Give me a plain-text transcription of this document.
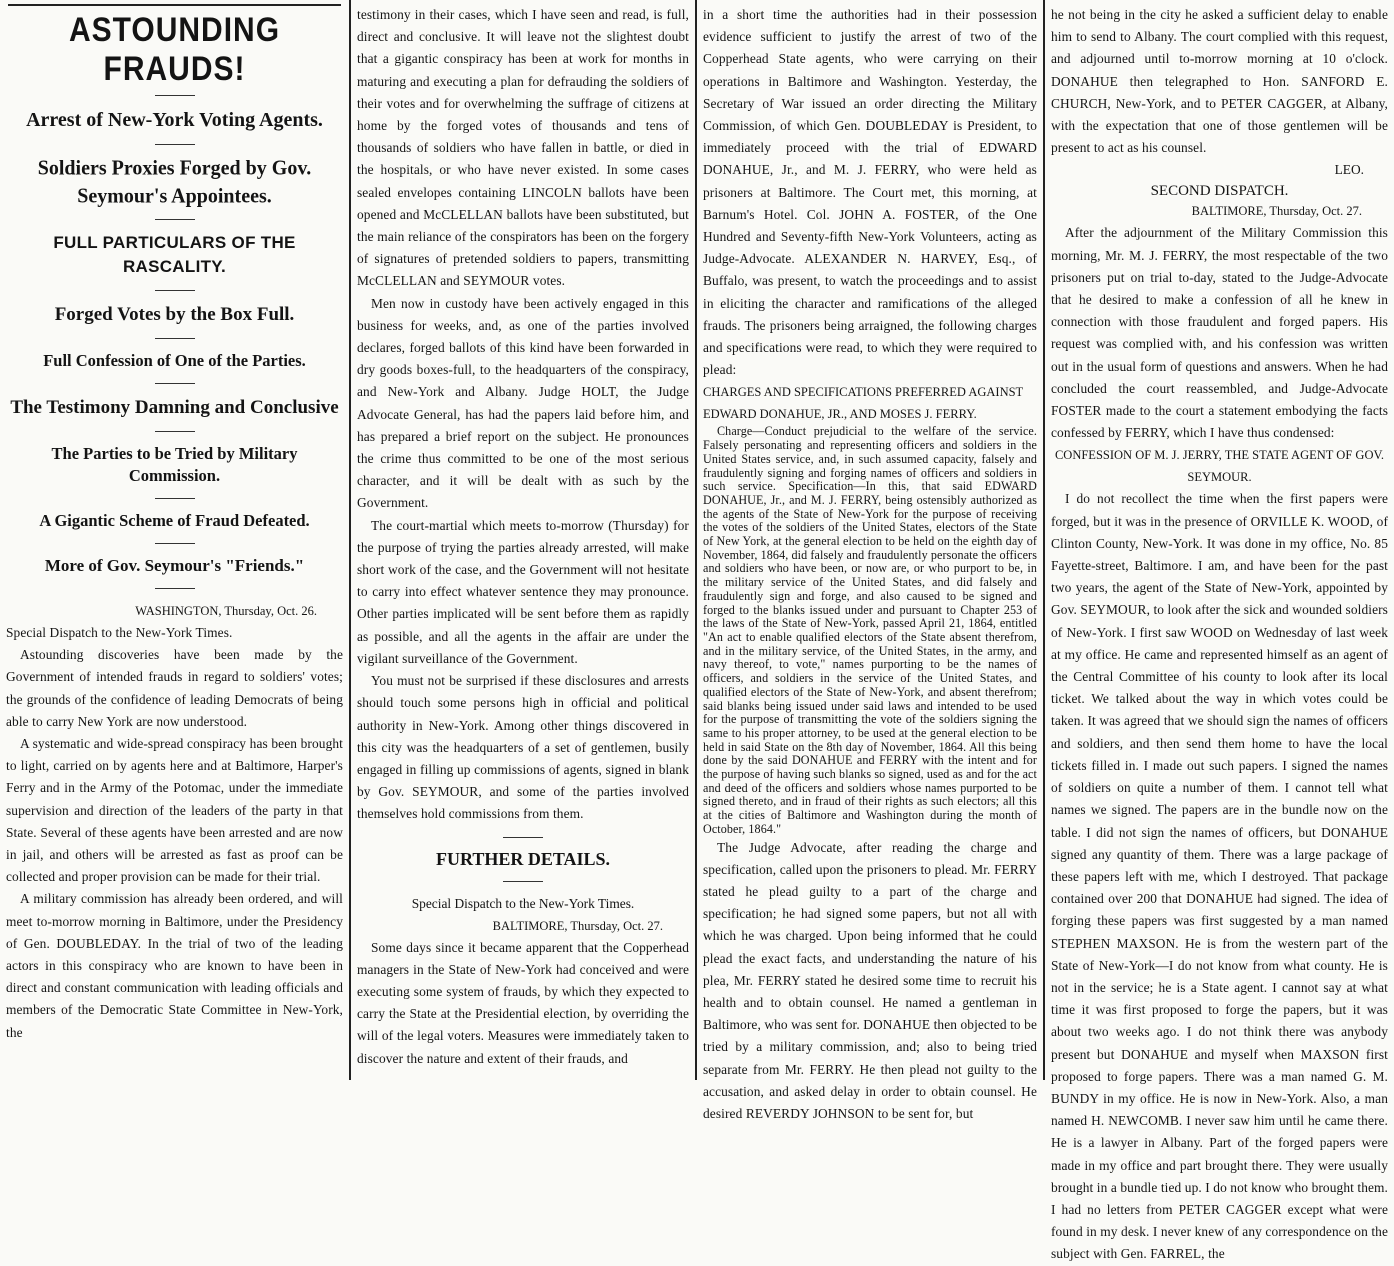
ASTOUNDING FRAUDS!
Arrest of New-York Voting Agents.
Soldiers Proxies Forged by Gov. Seymour's Appointees.
FULL PARTICULARS OF THE RASCALITY.
Forged Votes by the Box Full.
Full Confession of One of the Parties.
The Testimony Damning and Conclusive
The Parties to be Tried by Military Commission.
A Gigantic Scheme of Fraud Defeated.
More of Gov. Seymour's "Friends."
WASHINGTON, Thursday, Oct. 26.
Special Dispatch to the New-York Times.
Astounding discoveries have been made by the Government of intended frauds in regard to soldiers' votes; the grounds of the confidence of leading Democrats of being able to carry New York are now understood.
A systematic and wide-spread conspiracy has been brought to light, carried on by agents here and at Baltimore, Harper's Ferry and in the Army of the Potomac, under the immediate supervision and direction of the leaders of the party in that State. Several of these agents have been arrested and are now in jail, and others will be arrested as fast as proof can be collected and proper provision can be made for their trial.
A military commission has already been ordered, and will meet to-morrow morning in Baltimore, under the Presidency of Gen. DOUBLEDAY. In the trial of two of the leading actors in this conspiracy who are known to have been in direct and constant communication with leading officials and members of the Democratic State Committee in New-York, the
testimony in their cases, which I have seen and read, is full, direct and conclusive. It will leave not the slightest doubt that a gigantic conspiracy has been at work for months in maturing and executing a plan for defrauding the soldiers of their votes and for overwhelming the suffrage of citizens at home by the forged votes of thousands and tens of thousands of soldiers who have fallen in battle, or died in the hospitals, or who have never existed. In some cases sealed envelopes containing LINCOLN ballots have been opened and McCLELLAN ballots have been substituted, but the main reliance of the conspirators has been on the forgery of signatures of pretended soldiers to papers, transmitting McCLELLAN and SEYMOUR votes.
Men now in custody have been actively engaged in this business for weeks, and, as one of the parties involved declares, forged ballots of this kind have been forwarded in dry goods boxes-full, to the headquarters of the conspiracy, and New-York and Albany. Judge HOLT, the Judge Advocate General, has had the papers laid before him, and has prepared a brief report on the subject. He pronounces the crime thus committed to be one of the most serious character, and it will be dealt with as such by the Government.
The court-martial which meets to-morrow (Thursday) for the purpose of trying the parties already arrested, will make short work of the case, and the Government will not hesitate to carry into effect whatever sentence they may pronounce. Other parties implicated will be sent before them as rapidly as possible, and all the agents in the affair are under the vigilant surveillance of the Government.
You must not be surprised if these disclosures and arrests should touch some persons high in official and political authority in New-York. Among other things discovered in this city was the headquarters of a set of gentlemen, busily engaged in filling up commissions of agents, signed in blank by Gov. SEYMOUR, and some of the parties involved themselves hold commissions from them.
FURTHER DETAILS.
Special Dispatch to the New-York Times.
BALTIMORE, Thursday, Oct. 27.
Some days since it became apparent that the Copperhead managers in the State of New-York had conceived and were executing some system of frauds, by which they expected to carry the State at the Presidential election, by overriding the will of the legal voters. Measures were immediately taken to discover the nature and extent of their frauds, and
in a short time the authorities had in their possession evidence sufficient to justify the arrest of two of the Copperhead State agents, who were carrying on their operations in Baltimore and Washington. Yesterday, the Secretary of War issued an order directing the Military Commission, of which Gen. DOUBLEDAY is President, to immediately proceed with the trial of EDWARD DONAHUE, Jr., and M. J. FERRY, who were held as prisoners at Baltimore. The Court met, this morning, at Barnum's Hotel. Col. JOHN A. FOSTER, of the One Hundred and Seventy-fifth New-York Volunteers, acting as Judge-Advocate. ALEXANDER N. HARVEY, Esq., of Buffalo, was present, to watch the proceedings and to assist in eliciting the character and ramifications of the alleged frauds. The prisoners being arraigned, the following charges and specifications were read, to which they were required to plead:
CHARGES AND SPECIFICATIONS PREFERRED AGAINST EDWARD DONAHUE, JR., AND MOSES J. FERRY.
Charge—Conduct prejudicial to the welfare of the service. Falsely personating and representing officers and soldiers in the United States service, and, in such assumed capacity, falsely and fraudulently signing and forging names of officers and soldiers in such service. Specification—In this, that said EDWARD DONAHUE, Jr., and M. J. FERRY, being ostensibly authorized as the agents of the State of New-York for the purpose of receiving the votes of the soldiers of the United States, electors of the State of New York, at the general election to be held on the eighth day of November, 1864, did falsely and fraudulently personate the officers and soldiers who have been, or now are, or who purport to be, in the military service of the United States, and did falsely and fraudulently sign and forge, and also caused to be signed and forged to the blanks issued under and pursuant to Chapter 253 of the laws of the State of New-York, passed April 21, 1864, entitled "An act to enable qualified electors of the State absent therefrom, and in the military service, of the United States, in the army, and navy thereof, to vote," names purporting to be the names of officers, and soldiers in the service of the United States, and qualified electors of the State of New-York, and absent therefrom; said blanks being issued under said laws and intended to be used for the purpose of transmitting the vote of the soldiers signing the same to his proper attorney, to be used at the general election to be held in said State on the 8th day of November, 1864. All this being done by the said DONAHUE and FERRY with the intent and for the purpose of having such blanks so signed, used as and for the act and deed of the officers and soldiers whose names purported to be signed thereto, and in fraud of their rights as such electors; all this at the cities of Baltimore and Washington during the month of October, 1864."
The Judge Advocate, after reading the charge and specification, called upon the prisoners to plead. Mr. FERRY stated he plead guilty to a part of the charge and specification; he had signed some papers, but not all with which he was charged. Upon being informed that he could plead the exact facts, and understanding the nature of his plea, Mr. FERRY stated he desired some time to recruit his health and to obtain counsel. He named a gentleman in Baltimore, who was sent for. DONAHUE then objected to be tried by a military commission, and; also to being tried separate from Mr. FERRY. He then plead not guilty to the accusation, and asked delay in order to obtain counsel. He desired REVERDY JOHNSON to be sent for, but
he not being in the city he asked a sufficient delay to enable him to send to Albany. The court complied with this request, and adjourned until to-morrow morning at 10 o'clock. DONAHUE then telegraphed to Hon. SANFORD E. CHURCH, New-York, and to PETER CAGGER, at Albany, with the expectation that one of those gentlemen will be present to act as his counsel.
LEO.
SECOND DISPATCH.
BALTIMORE, Thursday, Oct. 27.
After the adjournment of the Military Commission this morning, Mr. M. J. FERRY, the most respectable of the two prisoners put on trial to-day, stated to the Judge-Advocate that he desired to make a confession of all he knew in connection with those fraudulent and forged papers. His request was complied with, and his confession was written out in the usual form of questions and answers. When he had concluded the court reassembled, and Judge-Advocate FOSTER made to the court a statement embodying the facts confessed by FERRY, which I have thus condensed:
CONFESSION OF M. J. JERRY, THE STATE AGENT OF GOV. SEYMOUR.
I do not recollect the time when the first papers were forged, but it was in the presence of ORVILLE K. WOOD, of Clinton County, New-York. It was done in my office, No. 85 Fayette-street, Baltimore. I am, and have been for the past two years, the agent of the State of New-York, appointed by Gov. SEYMOUR, to look after the sick and wounded soldiers of New-York. I first saw WOOD on Wednesday of last week at my office. He came and represented himself as an agent of the Central Committee of his county to look after its local ticket. We talked about the way in which votes could be taken. It was agreed that we should sign the names of officers and soldiers, and then send them home to have the local tickets filled in. I made out such papers. I signed the names of soldiers on quite a number of them. I cannot tell what names we signed. The papers are in the bundle now on the table. I did not sign the names of officers, but DONAHUE signed any quantity of them. There was a large package of these papers left with me, which I destroyed. That package contained over 200 that DONAHUE had signed. The idea of forging these papers was first suggested by a man named STEPHEN MAXSON. He is from the western part of the State of New-York—I do not know from what county. He is not in the service; he is a State agent. I cannot say at what time it was first proposed to forge the papers, but it was about two weeks ago. I do not think there was anybody present but DONAHUE and myself when MAXSON first proposed to forge papers. There was a man named G. M. BUNDY in my office. He is now in New-York. Also, a man named H. NEWCOMB. I never saw him until he came there. He is a lawyer in Albany. Part of the forged papers were made in my office and part brought there. They were usually brought in a bundle tied up. I do not know who brought them. I had no letters from PETER CAGGER except what were found in my desk. I never knew of any correspondence on the subject with Gen. FARREL, the
